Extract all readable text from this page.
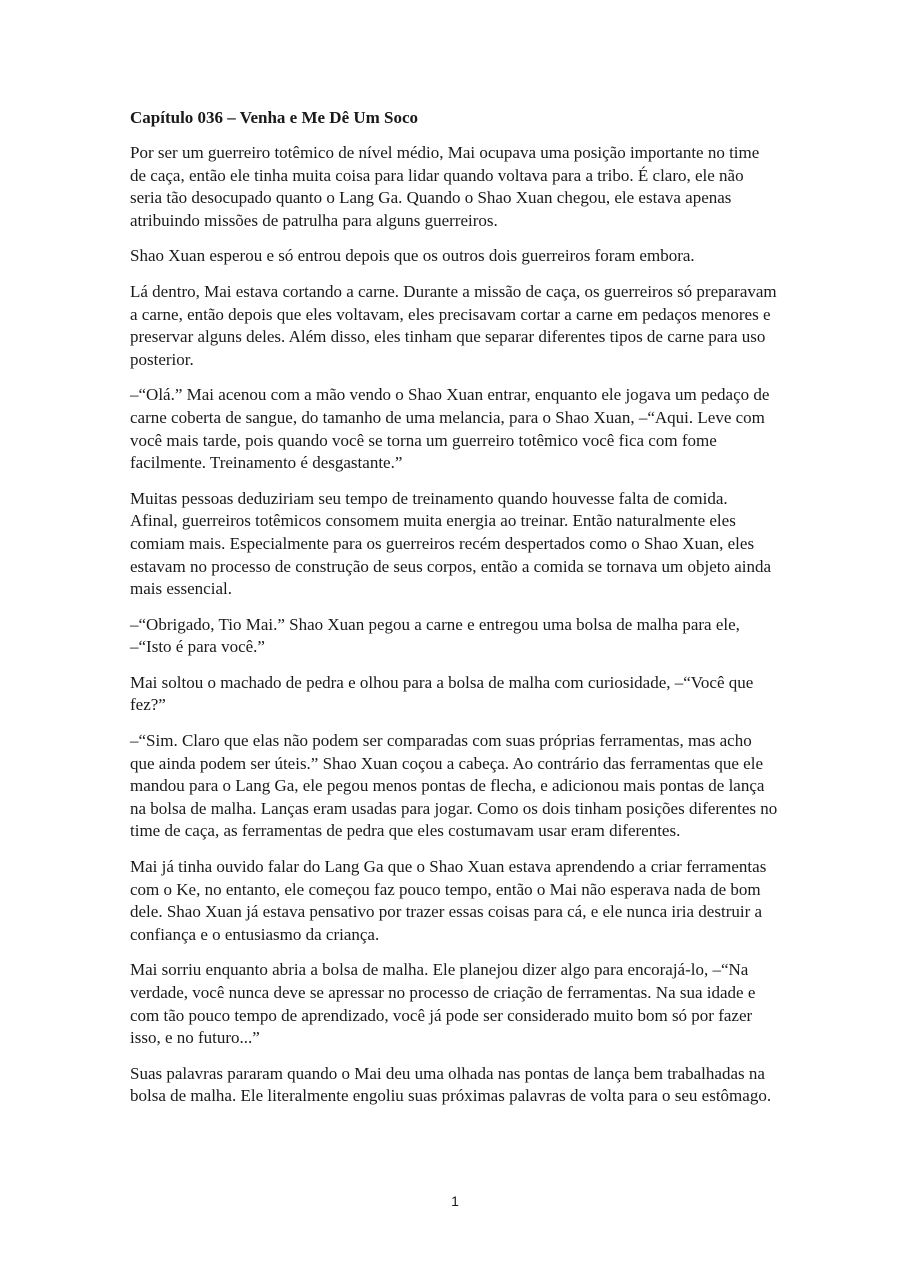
Capítulo 036 – Venha e Me Dê Um Soco

Por ser um guerreiro totêmico de nível médio, Mai ocupava uma posição importante no time de caça, então ele tinha muita coisa para lidar quando voltava para a tribo. É claro, ele não seria tão desocupado quanto o Lang Ga. Quando o Shao Xuan chegou, ele estava apenas atribuindo missões de patrulha para alguns guerreiros.

Shao Xuan esperou e só entrou depois que os outros dois guerreiros foram embora.

Lá dentro, Mai estava cortando a carne. Durante a missão de caça, os guerreiros só preparavam a carne, então depois que eles voltavam, eles precisavam cortar a carne em pedaços menores e preservar alguns deles. Além disso, eles tinham que separar diferentes tipos de carne para uso posterior.

–“Olá.” Mai acenou com a mão vendo o Shao Xuan entrar, enquanto ele jogava um pedaço de carne coberta de sangue, do tamanho de uma melancia, para o Shao Xuan, –“Aqui. Leve com você mais tarde, pois quando você se torna um guerreiro totêmico você fica com fome facilmente. Treinamento é desgastante.”

Muitas pessoas deduziriam seu tempo de treinamento quando houvesse falta de comida. Afinal, guerreiros totêmicos consomem muita energia ao treinar. Então naturalmente eles comiam mais. Especialmente para os guerreiros recém despertados como o Shao Xuan, eles estavam no processo de construção de seus corpos, então a comida se tornava um objeto ainda mais essencial.

–“Obrigado, Tio Mai.” Shao Xuan pegou a carne e entregou uma bolsa de malha para ele, –“Isto é para você.”

Mai soltou o machado de pedra e olhou para a bolsa de malha com curiosidade, –“Você que fez?”

–“Sim. Claro que elas não podem ser comparadas com suas próprias ferramentas, mas acho que ainda podem ser úteis.” Shao Xuan coçou a cabeça. Ao contrário das ferramentas que ele mandou para o Lang Ga, ele pegou menos pontas de flecha, e adicionou mais pontas de lança na bolsa de malha. Lanças eram usadas para jogar. Como os dois tinham posições diferentes no time de caça, as ferramentas de pedra que eles costumavam usar eram diferentes.

Mai já tinha ouvido falar do Lang Ga que o Shao Xuan estava aprendendo a criar ferramentas com o Ke, no entanto, ele começou faz pouco tempo, então o Mai não esperava nada de bom dele. Shao Xuan já estava pensativo por trazer essas coisas para cá, e ele nunca iria destruir a confiança e o entusiasmo da criança.

Mai sorriu enquanto abria a bolsa de malha. Ele planejou dizer algo para encorajá-lo, –“Na verdade, você nunca deve se apressar no processo de criação de ferramentas. Na sua idade e com tão pouco tempo de aprendizado, você já pode ser considerado muito bom só por fazer isso, e no futuro...”

Suas palavras pararam quando o Mai deu uma olhada nas pontas de lança bem trabalhadas na bolsa de malha. Ele literalmente engoliu suas próximas palavras de volta para o seu estômago.

1
